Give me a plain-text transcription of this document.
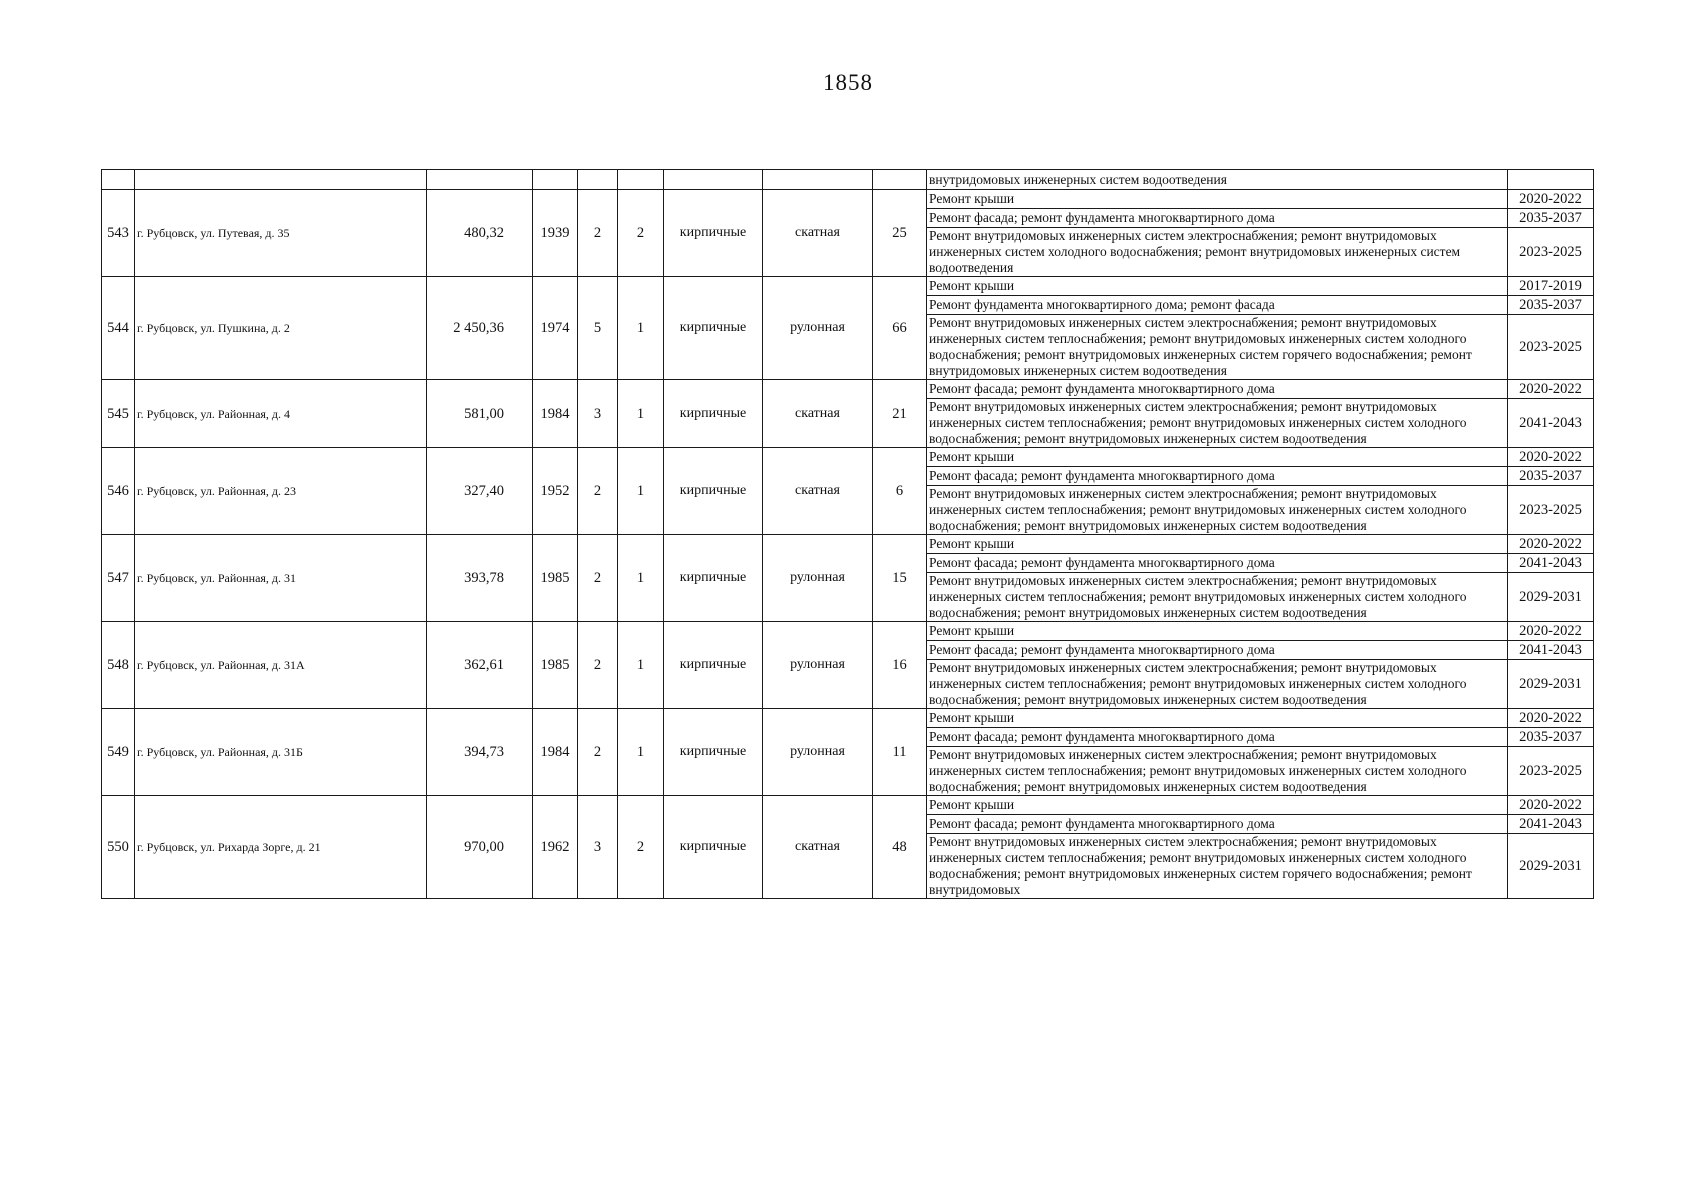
1858
									внутридомовых инженерных систем водоотведения	
543	г. Рубцовск, ул. Путевая, д. 35	480,32	1939	2	2	кирпичные	скатная	25	Ремонт крыши	2020-2022
									Ремонт фасада; ремонт фундамента многоквартирного дома	2035-2037
									Ремонт внутридомовых инженерных систем электроснабжения; ремонт внутридомовых инженерных систем холодного водоснабжения; ремонт внутридомовых инженерных систем водоотведения	2023-2025
544	г. Рубцовск, ул. Пушкина, д. 2	2 450,36	1974	5	1	кирпичные	рулонная	66	Ремонт крыши	2017-2019
									Ремонт фундамента многоквартирного дома; ремонт фасада	2035-2037
									Ремонт внутридомовых инженерных систем электроснабжения; ремонт внутридомовых инженерных систем теплоснабжения; ремонт внутридомовых инженерных систем холодного водоснабжения; ремонт внутридомовых инженерных систем горячего водоснабжения; ремонт внутридомовых инженерных систем водоотведения	2023-2025
545	г. Рубцовск, ул. Районная, д. 4	581,00	1984	3	1	кирпичные	скатная	21	Ремонт фасада; ремонт фундамента многоквартирного дома	2020-2022
									Ремонт внутридомовых инженерных систем электроснабжения; ремонт внутридомовых инженерных систем теплоснабжения; ремонт внутридомовых инженерных систем холодного водоснабжения; ремонт внутридомовых инженерных систем водоотведения	2041-2043
546	г. Рубцовск, ул. Районная, д. 23	327,40	1952	2	1	кирпичные	скатная	6	Ремонт крыши	2020-2022
									Ремонт фасада; ремонт фундамента многоквартирного дома	2035-2037
									Ремонт внутридомовых инженерных систем электроснабжения; ремонт внутридомовых инженерных систем теплоснабжения; ремонт внутридомовых инженерных систем холодного водоснабжения; ремонт внутридомовых инженерных систем водоотведения	2023-2025
547	г. Рубцовск, ул. Районная, д. 31	393,78	1985	2	1	кирпичные	рулонная	15	Ремонт крыши	2020-2022
									Ремонт фасада; ремонт фундамента многоквартирного дома	2041-2043
									Ремонт внутридомовых инженерных систем электроснабжения; ремонт внутридомовых инженерных систем теплоснабжения; ремонт внутридомовых инженерных систем холодного водоснабжения; ремонт внутридомовых инженерных систем водоотведения	2029-2031
548	г. Рубцовск, ул. Районная, д. 31А	362,61	1985	2	1	кирпичные	рулонная	16	Ремонт крыши	2020-2022
									Ремонт фасада; ремонт фундамента многоквартирного дома	2041-2043
									Ремонт внутридомовых инженерных систем электроснабжения; ремонт внутридомовых инженерных систем теплоснабжения; ремонт внутридомовых инженерных систем холодного водоснабжения; ремонт внутридомовых инженерных систем водоотведения	2029-2031
549	г. Рубцовск, ул. Районная, д. 31Б	394,73	1984	2	1	кирпичные	рулонная	11	Ремонт крыши	2020-2022
									Ремонт фасада; ремонт фундамента многоквартирного дома	2035-2037
									Ремонт внутридомовых инженерных систем электроснабжения; ремонт внутридомовых инженерных систем теплоснабжения; ремонт внутридомовых инженерных систем холодного водоснабжения; ремонт внутридомовых инженерных систем водоотведения	2023-2025
550	г. Рубцовск, ул. Рихарда Зорге, д. 21	970,00	1962	3	2	кирпичные	скатная	48	Ремонт крыши	2020-2022
									Ремонт фасада; ремонт фундамента многоквартирного дома	2041-2043
									Ремонт внутридомовых инженерных систем электроснабжения; ремонт внутридомовых инженерных систем теплоснабжения; ремонт внутридомовых инженерных систем холодного водоснабжения; ремонт внутридомовых инженерных систем горячего водоснабжения; ремонт внутридомовых	2029-2031
